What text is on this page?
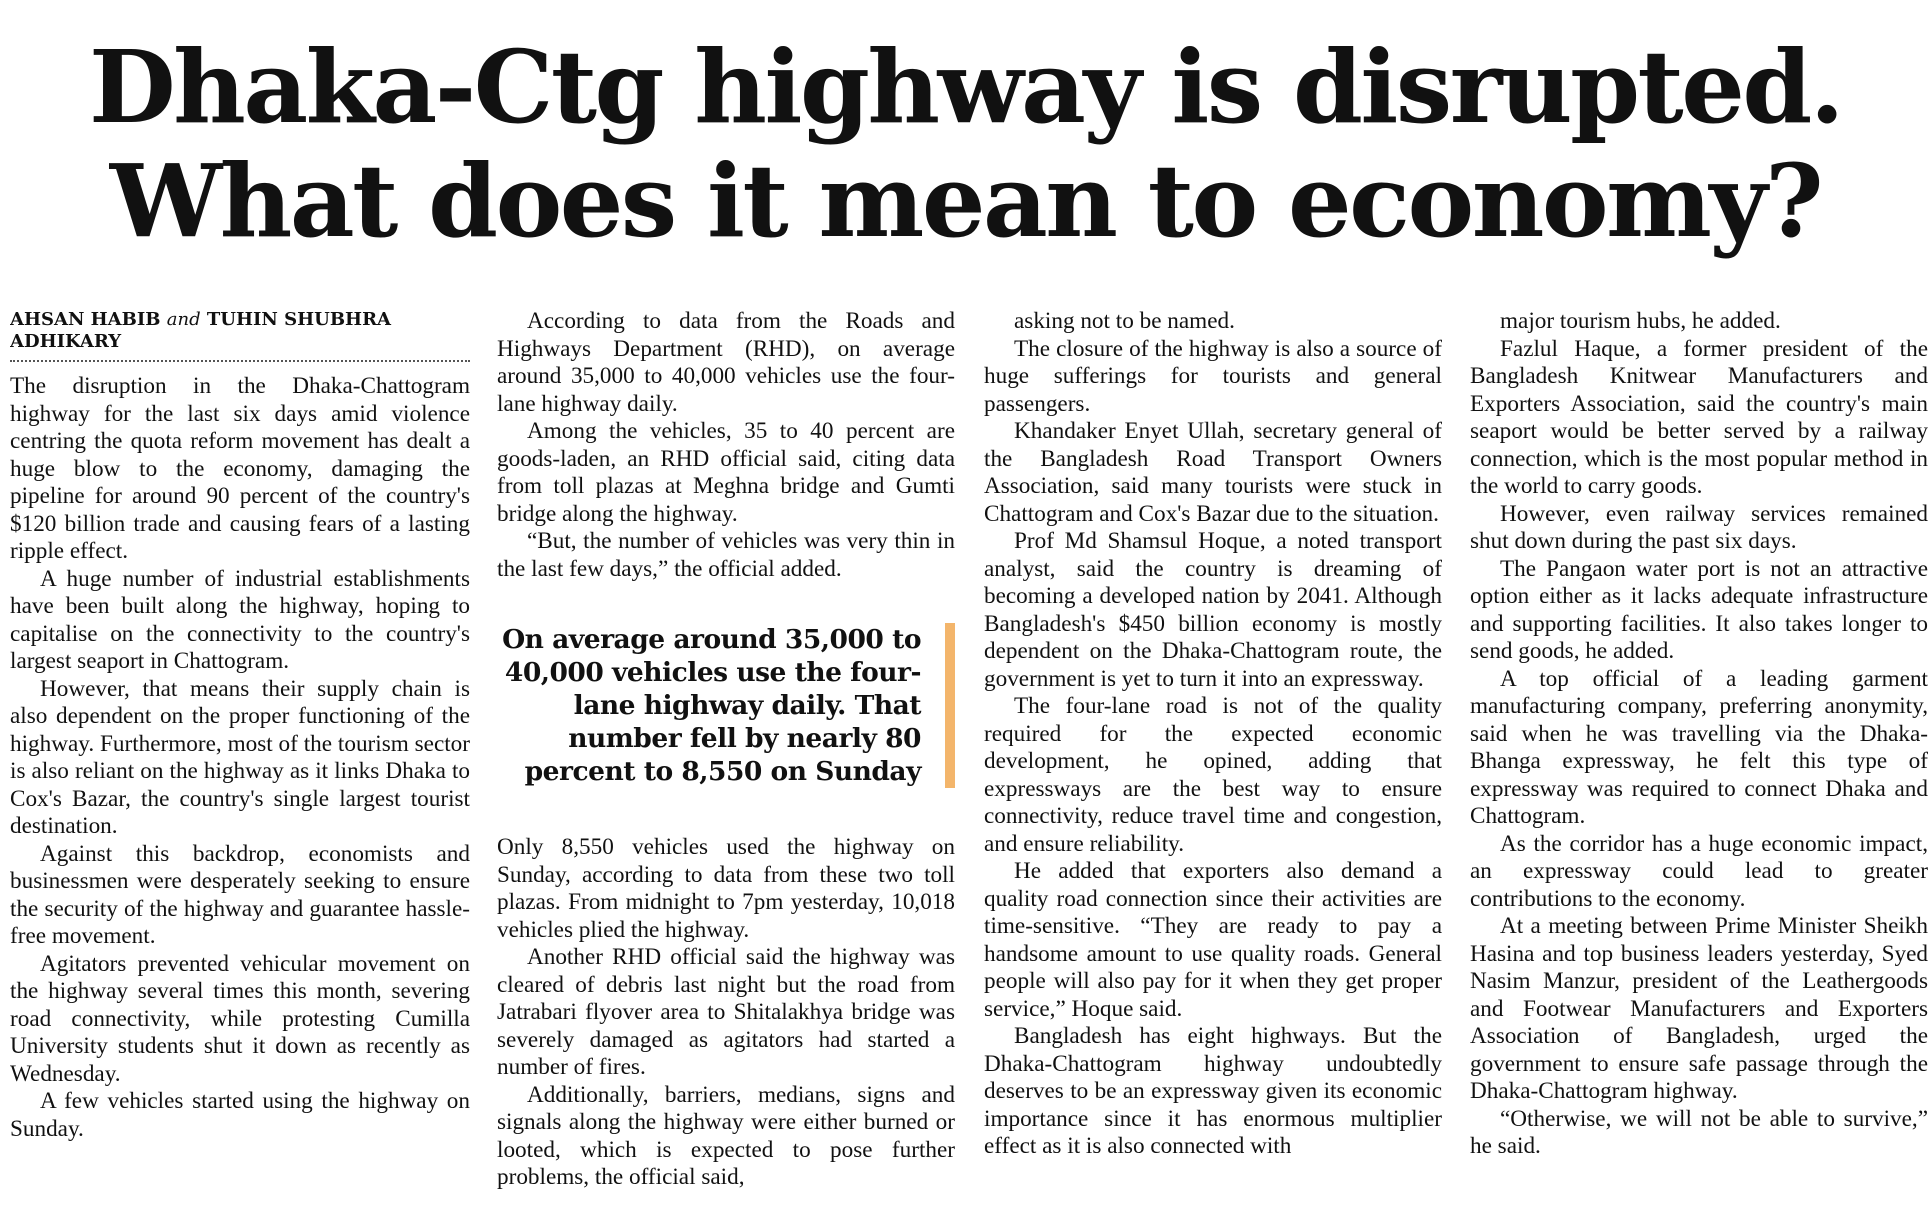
Dhaka-Ctg highway is disrupted.
What does it mean to economy?
AHSAN HABIB and TUHIN SHUBHRA ADHIKARY

The disruption in the Dhaka-Chattogram highway for the last six days amid violence centring the quota reform movement has dealt a huge blow to the economy, damaging the pipeline for around 90 percent of the country's $120 billion trade and causing fears of a lasting ripple effect.

A huge number of industrial establishments have been built along the highway, hoping to capitalise on the connectivity to the country's largest seaport in Chattogram.

However, that means their supply chain is also dependent on the proper functioning of the highway. Furthermore, most of the tourism sector is also reliant on the highway as it links Dhaka to Cox's Bazar, the country's single largest tourist destination.

Against this backdrop, economists and businessmen were desperately seeking to ensure the security of the highway and guarantee hassle-free movement.

Agitators prevented vehicular movement on the highway several times this month, severing road connectivity, while protesting Cumilla University students shut it down as recently as Wednesday.

A few vehicles started using the highway on Sunday.

According to data from the Roads and Highways Department (RHD), on average around 35,000 to 40,000 vehicles use the four-lane highway daily.

Among the vehicles, 35 to 40 percent are goods-laden, an RHD official said, citing data from toll plazas at Meghna bridge and Gumti bridge along the highway.

“But, the number of vehicles was very thin in the last few days,” the official added.

On average around 35,000 to 40,000 vehicles use the four-lane highway daily. That number fell by nearly 80 percent to 8,550 on Sunday

Only 8,550 vehicles used the highway on Sunday, according to data from these two toll plazas. From midnight to 7pm yesterday, 10,018 vehicles plied the highway.

Another RHD official said the highway was cleared of debris last night but the road from Jatrabari flyover area to Shitalakhya bridge was severely damaged as agitators had started a number of fires.

Additionally, barriers, medians, signs and signals along the highway were either burned or looted, which is expected to pose further problems, the official said,

asking not to be named.

The closure of the highway is also a source of huge sufferings for tourists and general passengers.

Khandaker Enyet Ullah, secretary general of the Bangladesh Road Transport Owners Association, said many tourists were stuck in Chattogram and Cox's Bazar due to the situation.

Prof Md Shamsul Hoque, a noted transport analyst, said the country is dreaming of becoming a developed nation by 2041. Although Bangladesh's $450 billion economy is mostly dependent on the Dhaka-Chattogram route, the government is yet to turn it into an expressway.

The four-lane road is not of the quality required for the expected economic development, he opined, adding that expressways are the best way to ensure connectivity, reduce travel time and congestion, and ensure reliability.

He added that exporters also demand a quality road connection since their activities are time-sensitive. “They are ready to pay a handsome amount to use quality roads. General people will also pay for it when they get proper service,” Hoque said.

Bangladesh has eight highways. But the Dhaka-Chattogram highway undoubtedly deserves to be an expressway given its economic importance since it has enormous multiplier effect as it is also connected with

major tourism hubs, he added.

Fazlul Haque, a former president of the Bangladesh Knitwear Manufacturers and Exporters Association, said the country's main seaport would be better served by a railway connection, which is the most popular method in the world to carry goods.

However, even railway services remained shut down during the past six days.

The Pangaon water port is not an attractive option either as it lacks adequate infrastructure and supporting facilities. It also takes longer to send goods, he added.

A top official of a leading garment manufacturing company, preferring anonymity, said when he was travelling via the Dhaka-Bhanga expressway, he felt this type of expressway was required to connect Dhaka and Chattogram.

As the corridor has a huge economic impact, an expressway could lead to greater contributions to the economy.

At a meeting between Prime Minister Sheikh Hasina and top business leaders yesterday, Syed Nasim Manzur, president of the Leathergoods and Footwear Manufacturers and Exporters Association of Bangladesh, urged the government to ensure safe passage through the Dhaka-Chattogram highway.

“Otherwise, we will not be able to survive,” he said.
